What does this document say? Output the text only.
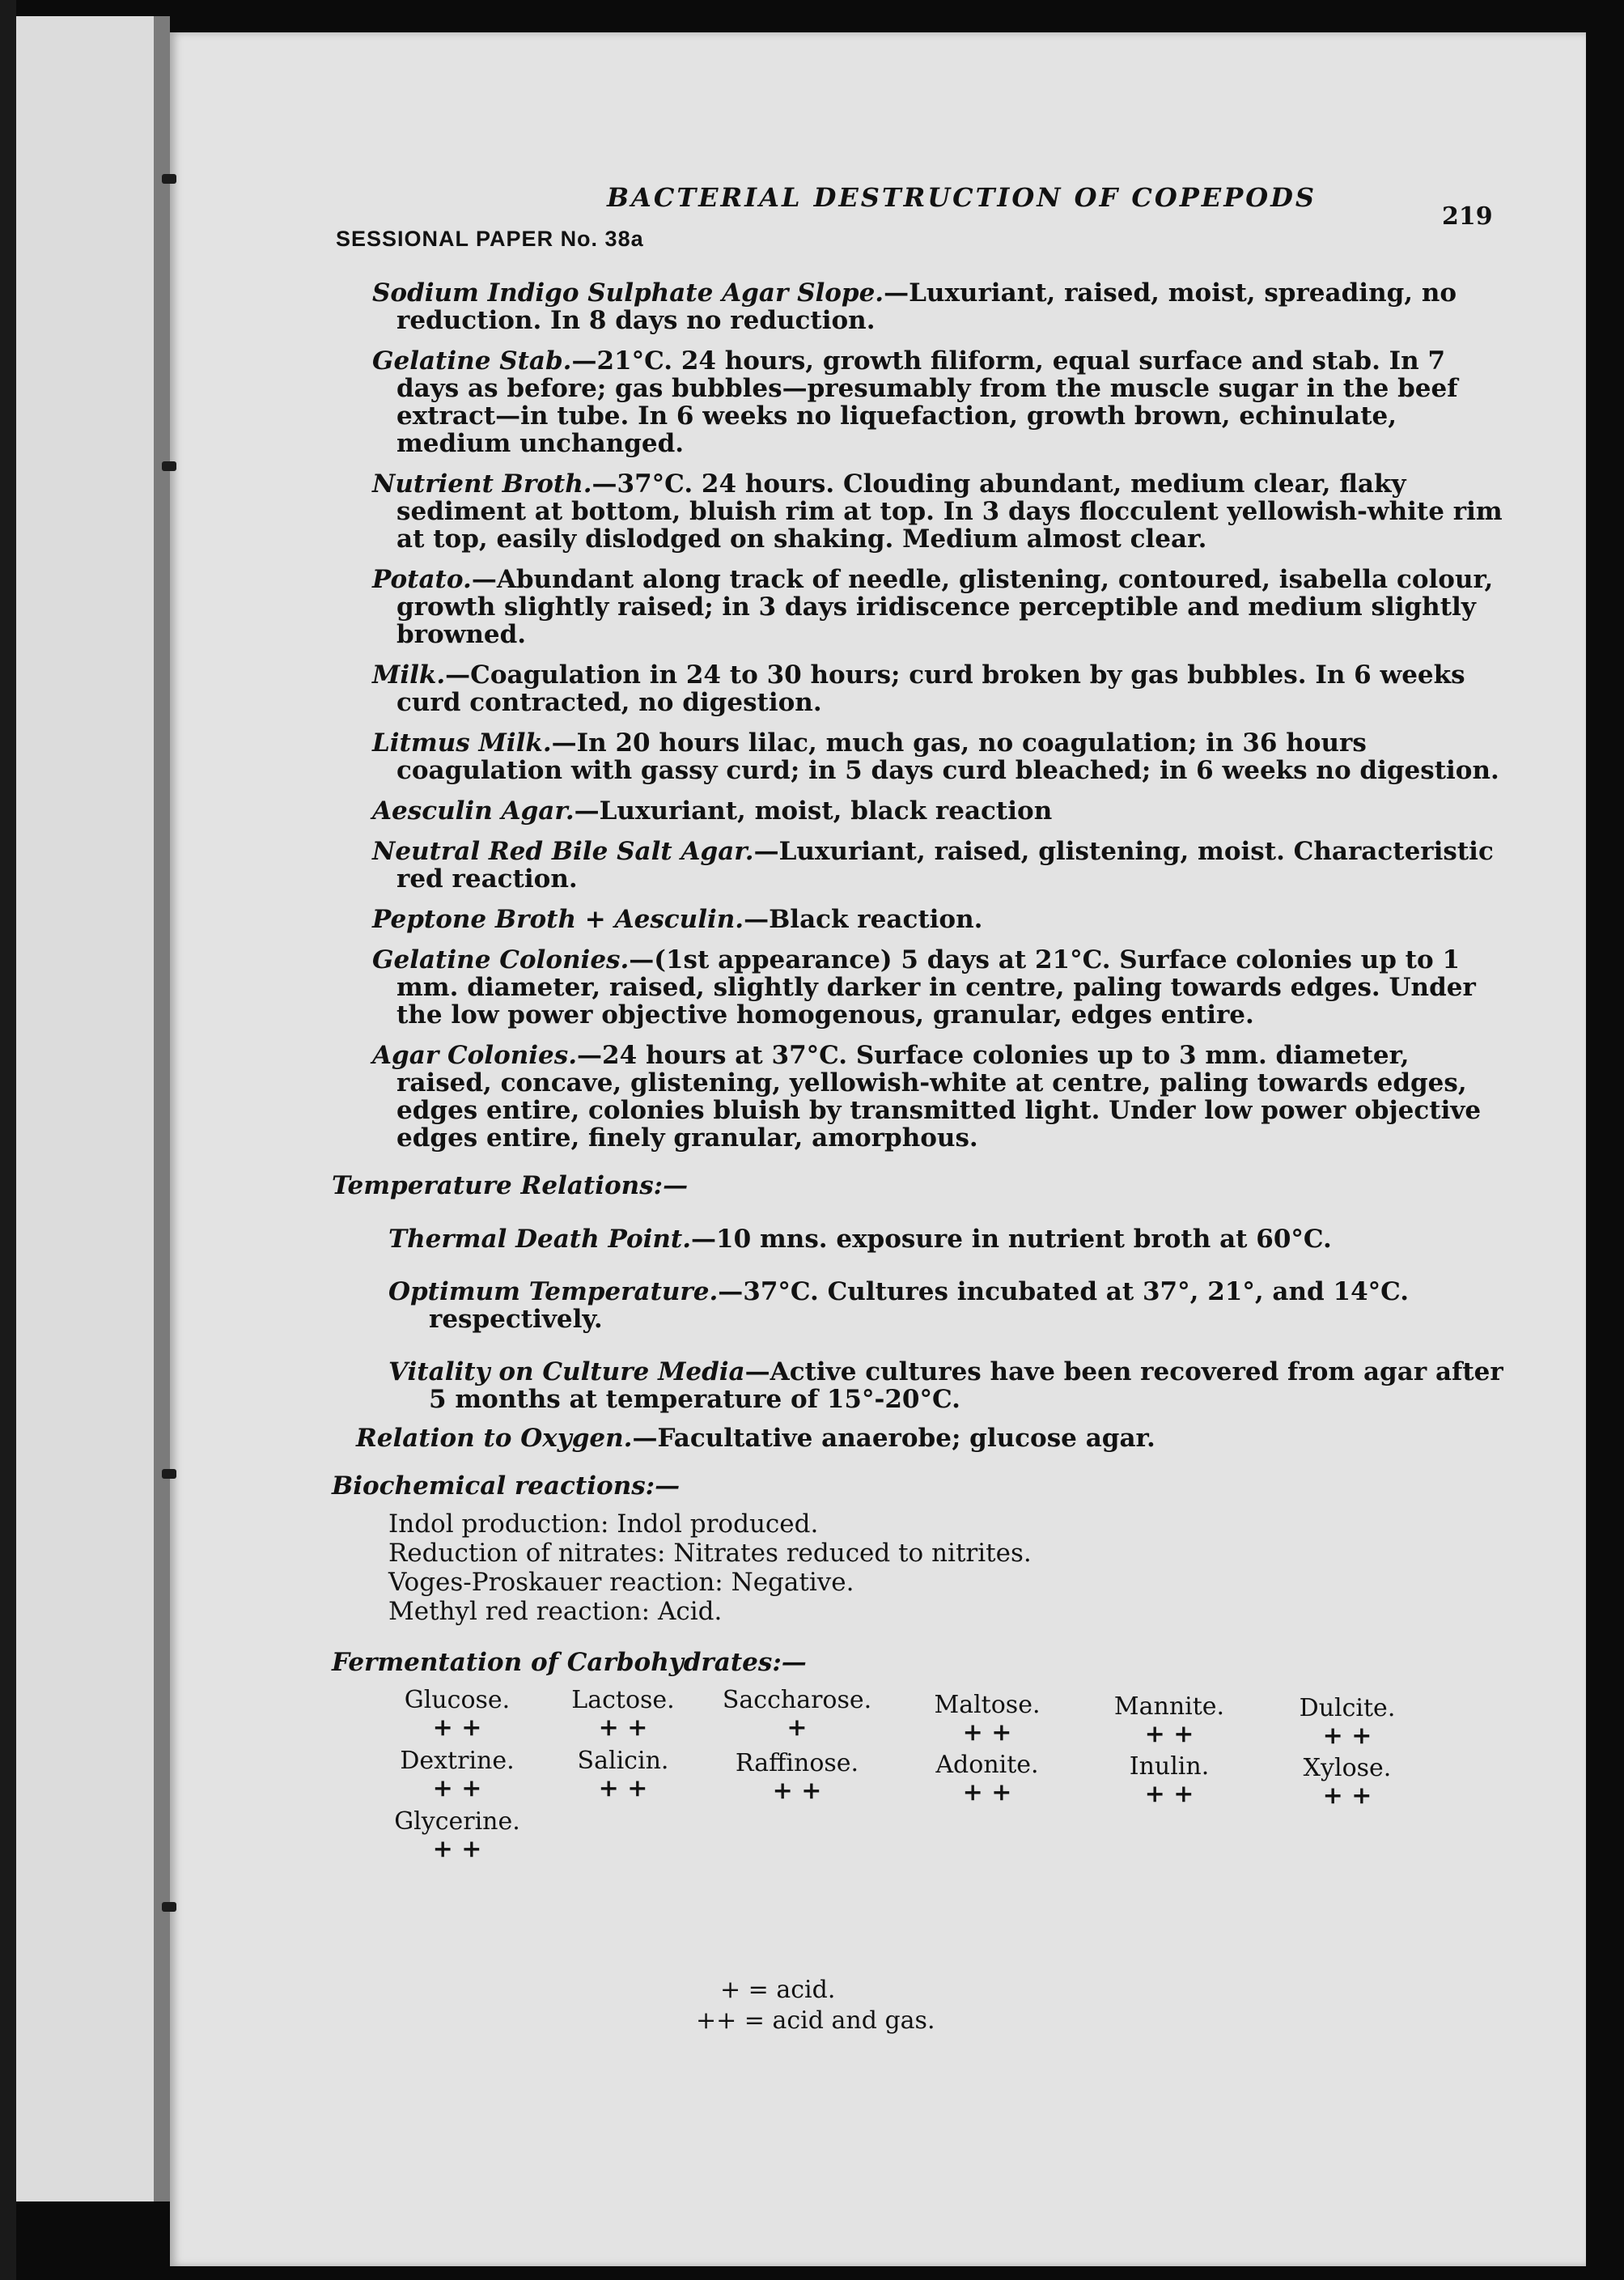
BACTERIAL DESTRUCTION OF COPEPODS
219
SESSIONAL PAPER No. 38a

Sodium Indigo Sulphate Agar Slope.—Luxuriant, raised, moist, spreading, no reduction. In 8 days no reduction.

Gelatine Stab.—21°C. 24 hours, growth filiform, equal surface and stab. In 7 days as before; gas bubbles—presumably from the muscle sugar in the beef extract—in tube. In 6 weeks no liquefaction, growth brown, echinulate, medium unchanged.

Nutrient Broth.—37°C. 24 hours. Clouding abundant, medium clear, flaky sediment at bottom, bluish rim at top. In 3 days flocculent yellowish-white rim at top, easily dislodged on shaking. Medium almost clear.

Potato.—Abundant along track of needle, glistening, contoured, isabella colour, growth slightly raised; in 3 days iridiscence perceptible and medium slightly browned.

Milk.—Coagulation in 24 to 30 hours; curd broken by gas bubbles. In 6 weeks curd contracted, no digestion.

Litmus Milk.—In 20 hours lilac, much gas, no coagulation; in 36 hours coagulation with gassy curd; in 5 days curd bleached; in 6 weeks no digestion.

Aesculin Agar.—Luxuriant, moist, black reaction

Neutral Red Bile Salt Agar.—Luxuriant, raised, glistening, moist. Characteristic red reaction.

Peptone Broth + Aesculin.—Black reaction.

Gelatine Colonies.—(1st appearance) 5 days at 21°C. Surface colonies up to 1 mm. diameter, raised, slightly darker in centre, paling towards edges. Under the low power objective homogenous, granular, edges entire.

Agar Colonies.—24 hours at 37°C. Surface colonies up to 3 mm. diameter, raised, concave, glistening, yellowish-white at centre, paling towards edges, edges entire, colonies bluish by transmitted light. Under low power objective edges entire, finely granular, amorphous.

Temperature Relations:—

Thermal Death Point.—10 mns. exposure in nutrient broth at 60°C.

Optimum Temperature.—37°C. Cultures incubated at 37°, 21°, and 14°C. respectively.

Vitality on Culture Media—Active cultures have been recovered from agar after 5 months at temperature of 15°-20°C.

Relation to Oxygen.—Facultative anaerobe; glucose agar.

Biochemical reactions:—
Indol production: Indol produced.
Reduction of nitrates: Nitrates reduced to nitrites.
Voges-Proskauer reaction: Negative.
Methyl red reaction: Acid.
Fermentation of Carbohydrates:—
Glucose.
+ +
Lactose.
+ +
Saccharose.
+
Maltose.
+ +
Mannite.
+ +
Dulcite.
+ +
Dextrine.
+ +
Salicin.
+ +
Raffinose.
+ +
Adonite.
+ +
Inulin.
+ +
Xylose.
+ +
Glycerine.
+ +
+ = acid.
++ = acid and gas.
